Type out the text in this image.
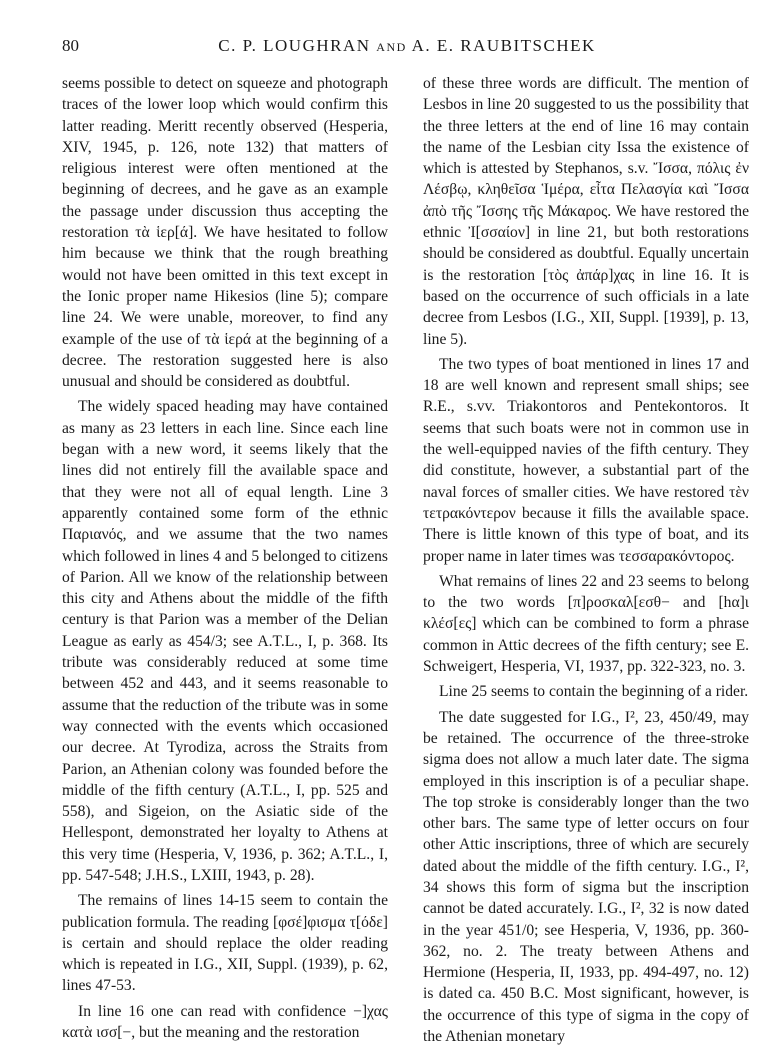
80	C. P. LOUGHRAN and A. E. RAUBITSCHEK

seems possible to detect on squeeze and photograph traces of the lower loop which would confirm this latter reading. Meritt recently observed (Hesperia, XIV, 1945, p. 126, note 132) that matters of religious interest were often mentioned at the beginning of decrees, and he gave as an example the passage under discussion thus accepting the restoration τὰ ἱερ[ά]. We have hesitated to follow him because we think that the rough breathing would not have been omitted in this text except in the Ionic proper name Hikesios (line 5); compare line 24. We were unable, moreover, to find any example of the use of τὰ ἱερά at the beginning of a decree. The restoration suggested here is also unusual and should be considered as doubtful.

The widely spaced heading may have contained as many as 23 letters in each line. Since each line began with a new word, it seems likely that the lines did not entirely fill the available space and that they were not all of equal length. Line 3 apparently contained some form of the ethnic Παριανός, and we assume that the two names which followed in lines 4 and 5 belonged to citizens of Parion. All we know of the relationship between this city and Athens about the middle of the fifth century is that Parion was a member of the Delian League as early as 454/3; see A.T.L., I, p. 368. Its tribute was considerably reduced at some time between 452 and 443, and it seems reasonable to assume that the reduction of the tribute was in some way connected with the events which occasioned our decree. At Tyrodiza, across the Straits from Parion, an Athenian colony was founded before the middle of the fifth century (A.T.L., I, pp. 525 and 558), and Sigeion, on the Asiatic side of the Hellespont, demonstrated her loyalty to Athens at this very time (Hesperia, V, 1936, p. 362; A.T.L., I, pp. 547-548; J.H.S., LXIII, 1943, p. 28).

The remains of lines 14-15 seem to contain the publication formula. The reading [φσέ]φισμα τ[όδε] is certain and should replace the older reading which is repeated in I.G., XII, Suppl. (1939), p. 62, lines 47-53.

In line 16 one can read with confidence −]χας κατὰ ισσ[−, but the meaning and the restoration

of these three words are difficult. The mention of Lesbos in line 20 suggested to us the possibility that the three letters at the end of line 16 may contain the name of the Lesbian city Issa the existence of which is attested by Stephanos, s.v. Ἴσσα, πόλις ἐν Λέσβῳ, κληθεῖσα Ἱμέρα, εἶτα Πελασγία καὶ Ἴσσα ἀπὸ τῆς Ἴσσης τῆς Μάκαρος. We have restored the ethnic Ἰ[σσαίον] in line 21, but both restorations should be considered as doubtful. Equally uncertain is the restoration [τὸς ἀπάρ]χας in line 16. It is based on the occurrence of such officials in a late decree from Lesbos (I.G., XII, Suppl. [1939], p. 13, line 5).

The two types of boat mentioned in lines 17 and 18 are well known and represent small ships; see R.E., s.vv. Triakontoros and Pentekontoros. It seems that such boats were not in common use in the well-equipped navies of the fifth century. They did constitute, however, a substantial part of the naval forces of smaller cities. We have restored τὲν τετρακόντερον because it fills the available space. There is little known of this type of boat, and its proper name in later times was τεσσαρακόντορος.

What remains of lines 22 and 23 seems to belong to the two words [π]ροσκαλ[εσθ− and [hα]ι κλέσ[ες] which can be combined to form a phrase common in Attic decrees of the fifth century; see E. Schweigert, Hesperia, VI, 1937, pp. 322-323, no. 3.

Line 25 seems to contain the beginning of a rider.

The date suggested for I.G., I², 23, 450/49, may be retained. The occurrence of the three-stroke sigma does not allow a much later date. The sigma employed in this inscription is of a peculiar shape. The top stroke is considerably longer than the two other bars. The same type of letter occurs on four other Attic inscriptions, three of which are securely dated about the middle of the fifth century. I.G., I², 34 shows this form of sigma but the inscription cannot be dated accurately. I.G., I², 32 is now dated in the year 451/0; see Hesperia, V, 1936, pp. 360-362, no. 2. The treaty between Athens and Hermione (Hesperia, II, 1933, pp. 494-497, no. 12) is dated ca. 450 B.C. Most significant, however, is the occurrence of this type of sigma in the copy of the Athenian monetary
